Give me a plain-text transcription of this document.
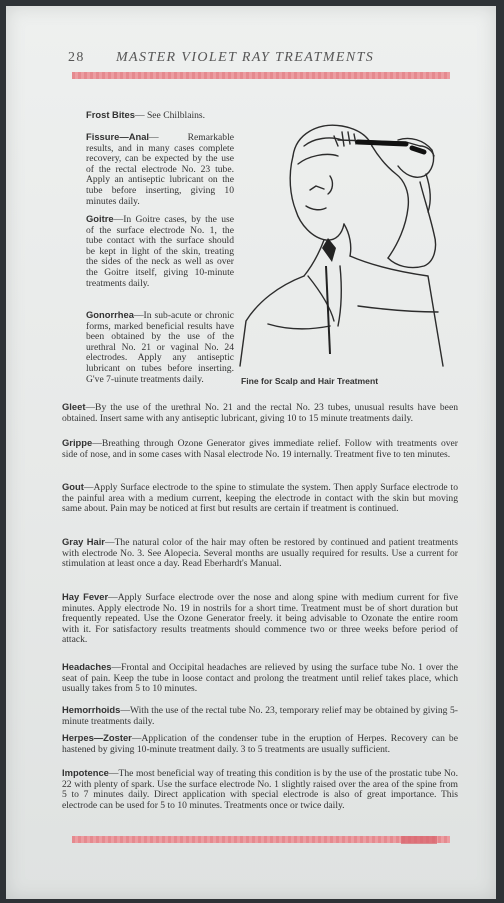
28 MASTER VIOLET RAY TREATMENTS

Frost Bites— See Chilblains.

Fissure—Anal— Remarkable results, and in many cases complete recovery, can be expected by the use of the rectal electrode No. 23 tube. Apply an antiseptic lubricant on the tube before inserting, giving 10 minutes daily.

Goitre—In Goitre cases, by the use of the surface electrode No. 1, the tube contact with the surface should be kept in light of the skin, treating the sides of the neck as well as over the Goitre itself, giving 10-minute treatments daily.

Gonorrhea—In sub-acute or chronic forms, marked beneficial results have been obtained by the use of the urethral No. 21 or vaginal No. 24 electrodes. Apply any antiseptic lubricant on tubes before inserting. G've 7-uinute treatments daily.	Fine for Scalp and Hair Treatment

Gleet—By the use of the urethral No. 21 and the rectal No. 23 tubes, unusual results have been obtained. Insert same with any antiseptic lubricant, giving 10 to 15 minute treatments daily.

Grippe—Breathing through Ozone Generator gives immediate relief. Follow with treatments over side of nose, and in some cases with Nasal electrode No. 19 internally. Treatment five to ten minutes.

Gout—Apply Surface electrode to the spine to stimulate the system. Then apply Surface electrode to the painful area with a medium current, keeping the electrode in contact with the skin but moving same about. Pain may be noticed at first but results are certain if treatment is continued.

Gray Hair—The natural color of the hair may often be restored by continued and patient treatments with electrode No. 3. See Alopecia. Several months are usually required for results. Use a current for stimulation at least once a day. Read Eberhardt's Manual.

Hay Fever—Apply Surface electrode over the nose and along spine with medium current for five minutes. Apply electrode No. 19 in nostrils for a short time. Treatment must be of short duration but frequently repeated. Use the Ozone Generator freely. it being advisable to Ozonate the entire room with it. For satisfactory results treatments should commence two or three weeks before period of attack.

Headaches—Frontal and Occipital headaches are relieved by using the surface tube No. 1 over the seat of pain. Keep the tube in loose contact and prolong the treatment until relief takes place, which usually takes from 5 to 10 minutes.

Hemorrhoids—With the use of the rectal tube No. 23, temporary relief may be obtained by giving 5-minute treatments daily.

Herpes—Zoster—Application of the condenser tube in the eruption of Herpes. Recovery can be hastened by giving 10-minute treatment daily. 3 to 5 treatments are usually sufficient.

Impotence—The most beneficial way of treating this condition is by the use of the prostatic tube No. 22 with plenty of spark. Use the surface electrode No. 1 slightly raised over the area of the spine from 5 to 7 minutes daily. Direct application with special electrode is also of great importance. This electrode can be used for 5 to 10 minutes. Treatments once or twice daily.
